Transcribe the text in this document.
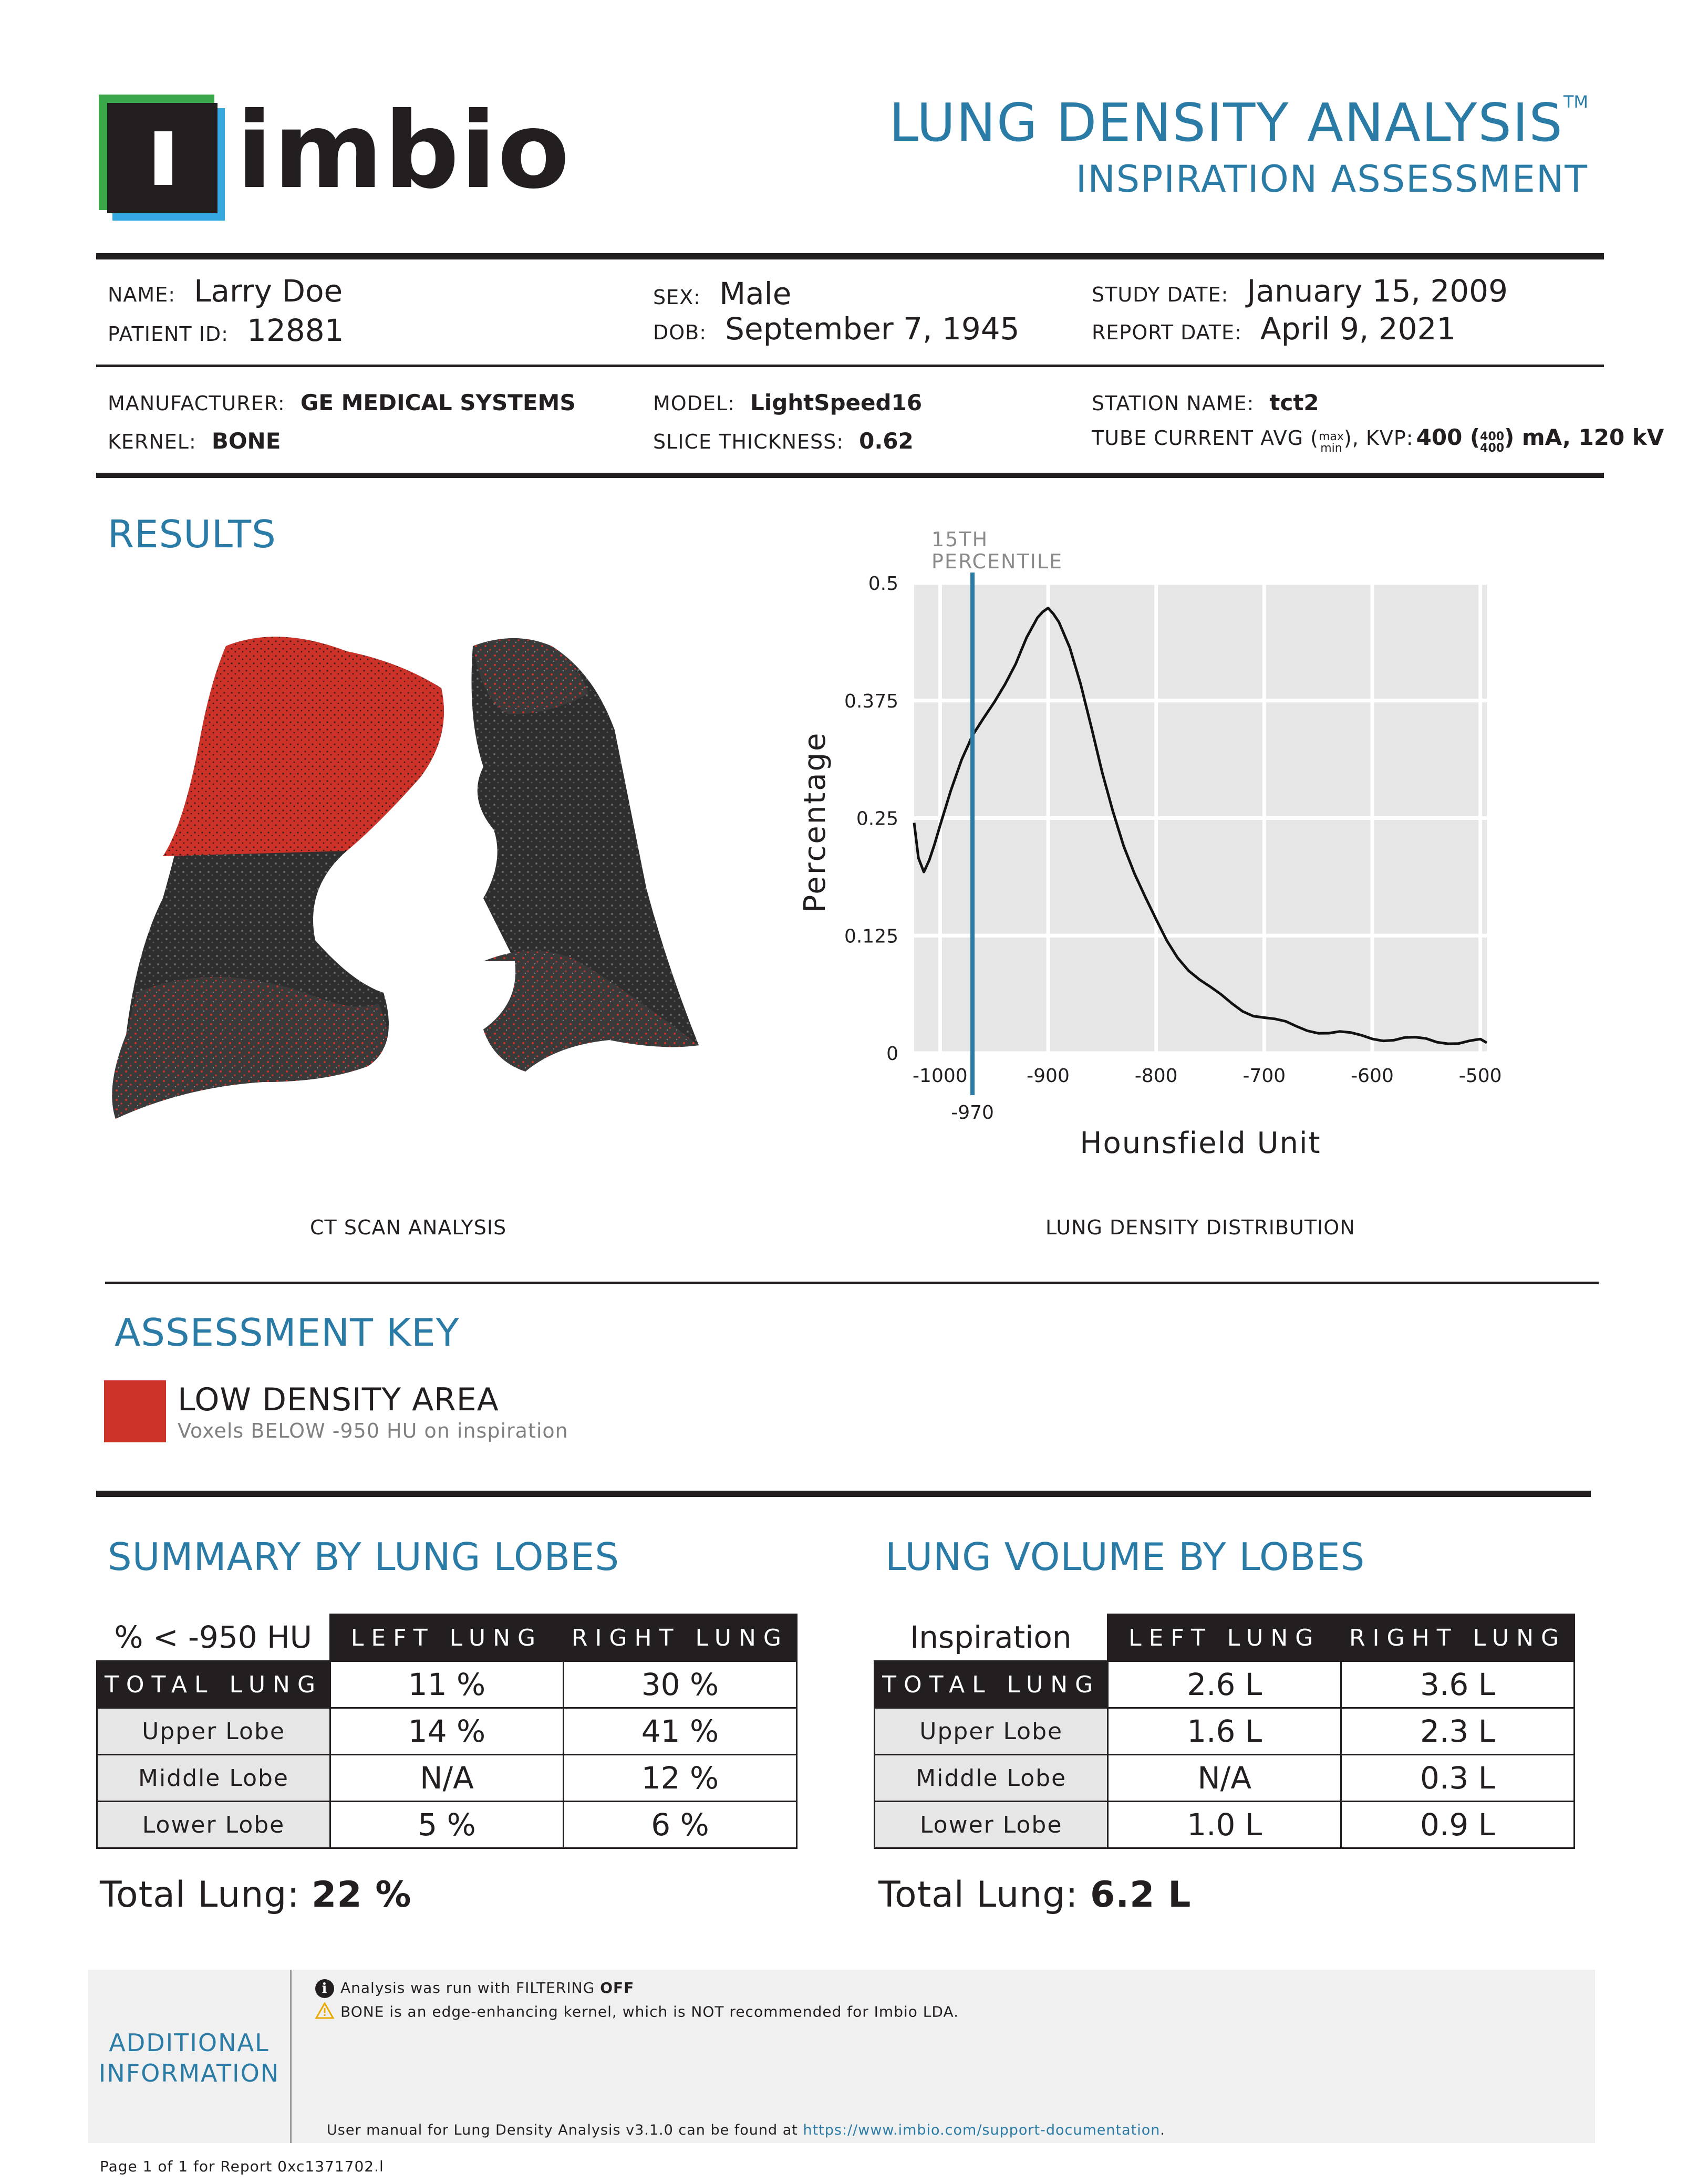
imbio	LUNG DENSITY ANALYSIS™
INSPIRATION ASSESSMENT
NAME: Larry Doe
PATIENT ID: 12881
SEX: Male
DOB: September 7, 1945
STUDY DATE: January 15, 2009
REPORT DATE: April 9, 2021
MANUFACTURER: GE MEDICAL SYSTEMS
KERNEL: BONE
MODEL: LightSpeed16
SLICE THICKNESS: 0.62
STATION NAME: tct2
TUBE CURRENT AVG ( max
min ), KVP: 400 ( 400
400 ) mA, 120 kV
RESULTS
-1000	-900	-800	-700	-600	-500
0
0.125
0.25
0.375
0.5
15TH
PERCENTILE
-970
Percentage
Hounsfield Unit
CT SCAN ANALYSIS	LUNG DENSITY DISTRIBUTION
ASSESSMENT KEY
LOW DENSITY AREA
Voxels BELOW -950 HU on inspiration
SUMMARY BY LUNG LOBES
% < -950 HU	LEFT LUNG	RIGHT LUNG
TOTAL LUNG	11 %	30 %
Upper Lobe	14 %	41 %
Middle Lobe	N/A	12 %
Lower Lobe	5 %	6 %
Total Lung: 22 %
LUNG VOLUME BY LOBES
Inspiration	LEFT LUNG	RIGHT LUNG
TOTAL LUNG	2.6 L	3.6 L
Upper Lobe	1.6 L	2.3 L
Middle Lobe	N/A	0.3 L
Lower Lobe	1.0 L	0.9 L
Total Lung: 6.2 L
ADDITIONAL
INFORMATION
i Analysis was run with FILTERING OFF
BONE is an edge-enhancing kernel, which is NOT recommended for Imbio LDA.
User manual for Lung Density Analysis v3.1.0 can be found at https://www.imbio.com/support-documentation.
Page 1 of 1 for Report 0xc1371702.l
